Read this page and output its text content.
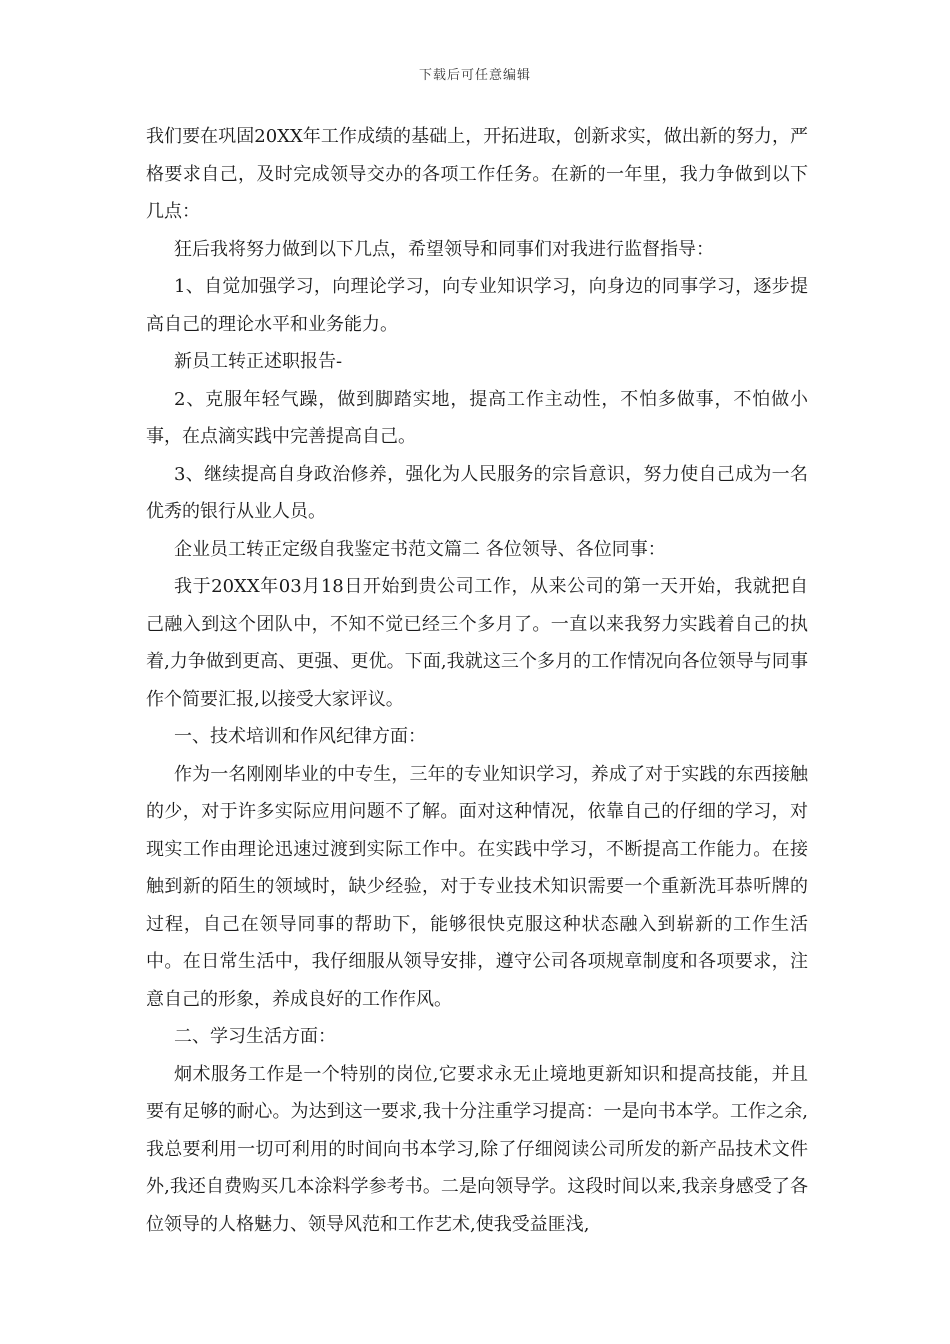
下载后可任意编辑

我们要在巩固20XX年工作成绩的基础上，开拓进取，创新求实，做出新的努力，严格要求自己，及时完成领导交办的各项工作任务。在新的一年里，我力争做到以下几点：

狂后我将努力做到以下几点，希望领导和同事们对我进行监督指导：

1、自觉加强学习，向理论学习，向专业知识学习，向身边的同事学习，逐步提高自己的理论水平和业务能力。

新员工转正述职报告-

2、克服年轻气躁，做到脚踏实地，提高工作主动性，不怕多做事，不怕做小事，在点滴实践中完善提高自己。

3、继续提高自身政治修养，强化为人民服务的宗旨意识，努力使自己成为一名优秀的银行从业人员。

企业员工转正定级自我鉴定书范文篇二 各位领导、各位同事：

我于20XX年03月18日开始到贵公司工作，从来公司的第一天开始，我就把自己融入到这个团队中，不知不觉已经三个多月了。一直以来我努力实践着自己的执着,力争做到更高、更强、更优。下面,我就这三个多月的工作情况向各位领导与同事作个简要汇报,以接受大家评议。

一、技术培训和作风纪律方面：

作为一名刚刚毕业的中专生，三年的专业知识学习，养成了对于实践的东西接触的少，对于许多实际应用问题不了解。面对这种情况，依靠自己的仔细的学习，对现实工作由理论迅速过渡到实际工作中。在实践中学习，不断提高工作能力。在接触到新的陌生的领域时，缺少经验，对于专业技术知识需要一个重新洗耳恭听牌的过程，自己在领导同事的帮助下，能够很快克服这种状态融入到崭新的工作生活中。在日常生活中，我仔细服从领导安排，遵守公司各项规章制度和各项要求，注意自己的形象，养成良好的工作作风。

二、学习生活方面：

炯术服务工作是一个特别的岗位,它要求永无止境地更新知识和提高技能，并且要有足够的耐心。为达到这一要求,我十分注重学习提高：一是向书本学。工作之余,我总要利用一切可利用的时间向书本学习,除了仔细阅读公司所发的新产品技术文件外,我还自费购买几本涂料学参考书。二是向领导学。这段时间以来,我亲身感受了各位领导的人格魅力、领导风范和工作艺术,使我受益匪浅,
